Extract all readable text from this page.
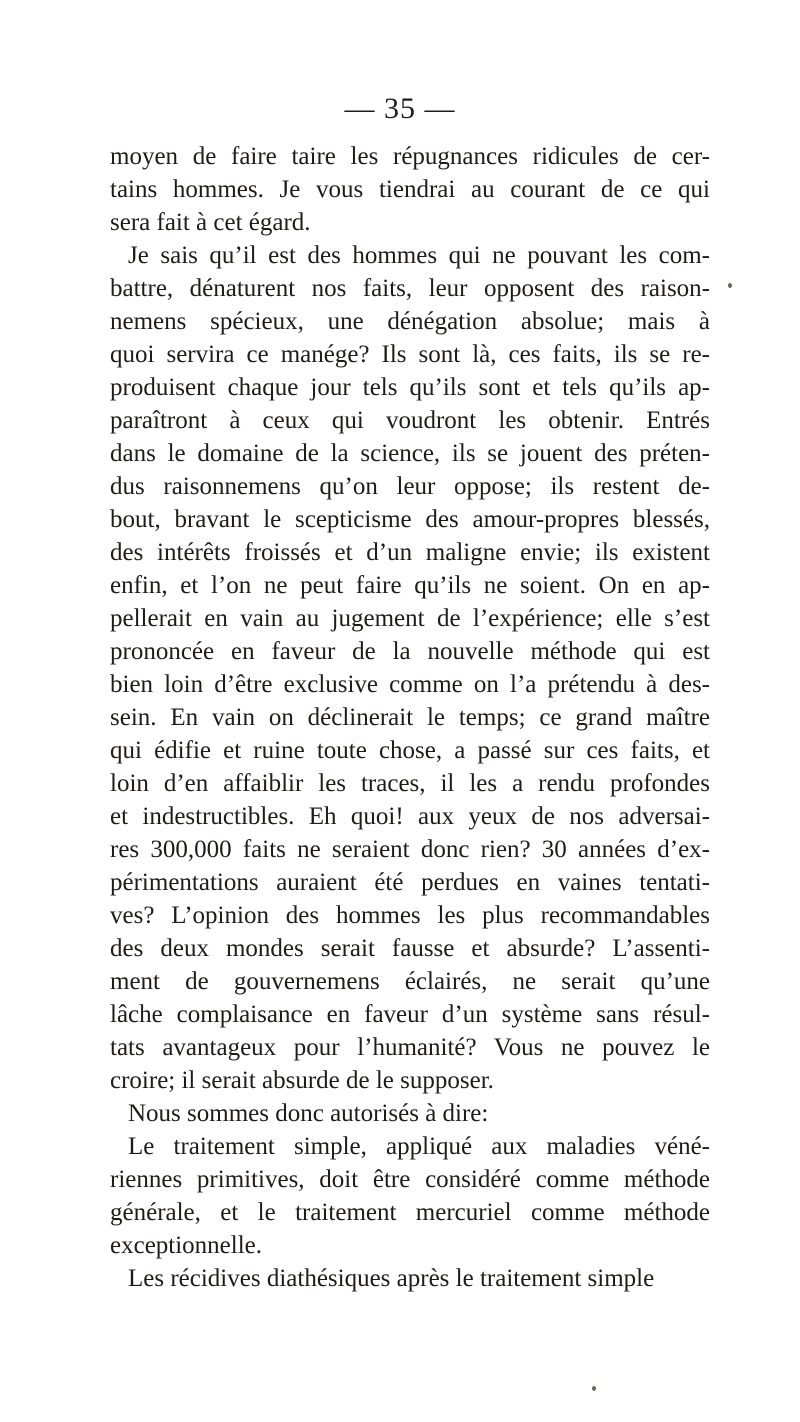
— 35 —
moyen de faire taire les répugnances ridicules de cer-
tains hommes. Je vous tiendrai au courant de ce qui
sera fait à cet égard.
Je sais qu’il est des hommes qui ne pouvant les com-
battre, dénaturent nos faits, leur opposent des raison-
nemens spécieux, une dénégation absolue; mais à
quoi servira ce manége? Ils sont là, ces faits, ils se re-
produisent chaque jour tels qu’ils sont et tels qu’ils ap-
paraîtront à ceux qui voudront les obtenir. Entrés
dans le domaine de la science, ils se jouent des préten-
dus raisonnemens qu’on leur oppose; ils restent de-
bout, bravant le scepticisme des amour-propres blessés,
des intérêts froissés et d’un maligne envie; ils existent
enfin, et l’on ne peut faire qu’ils ne soient. On en ap-
pellerait en vain au jugement de l’expérience; elle s’est
prononcée en faveur de la nouvelle méthode qui est
bien loin d’être exclusive comme on l’a prétendu à des-
sein. En vain on déclinerait le temps; ce grand maître
qui édifie et ruine toute chose, a passé sur ces faits, et
loin d’en affaiblir les traces, il les a rendu profondes
et indestructibles. Eh quoi! aux yeux de nos adversai-
res 300,000 faits ne seraient donc rien? 30 années d’ex-
périmentations auraient été perdues en vaines tentati-
ves? L’opinion des hommes les plus recommandables
des deux mondes serait fausse et absurde? L’assenti-
ment de gouvernemens éclairés, ne serait qu’une
lâche complaisance en faveur d’un système sans résul-
tats avantageux pour l’humanité? Vous ne pouvez le
croire; il serait absurde de le supposer.
Nous sommes donc autorisés à dire:
Le traitement simple, appliqué aux maladies véné-
riennes primitives, doit être considéré comme méthode
générale, et le traitement mercuriel comme méthode
exceptionnelle.
Les récidives diathésiques après le traitement simple
